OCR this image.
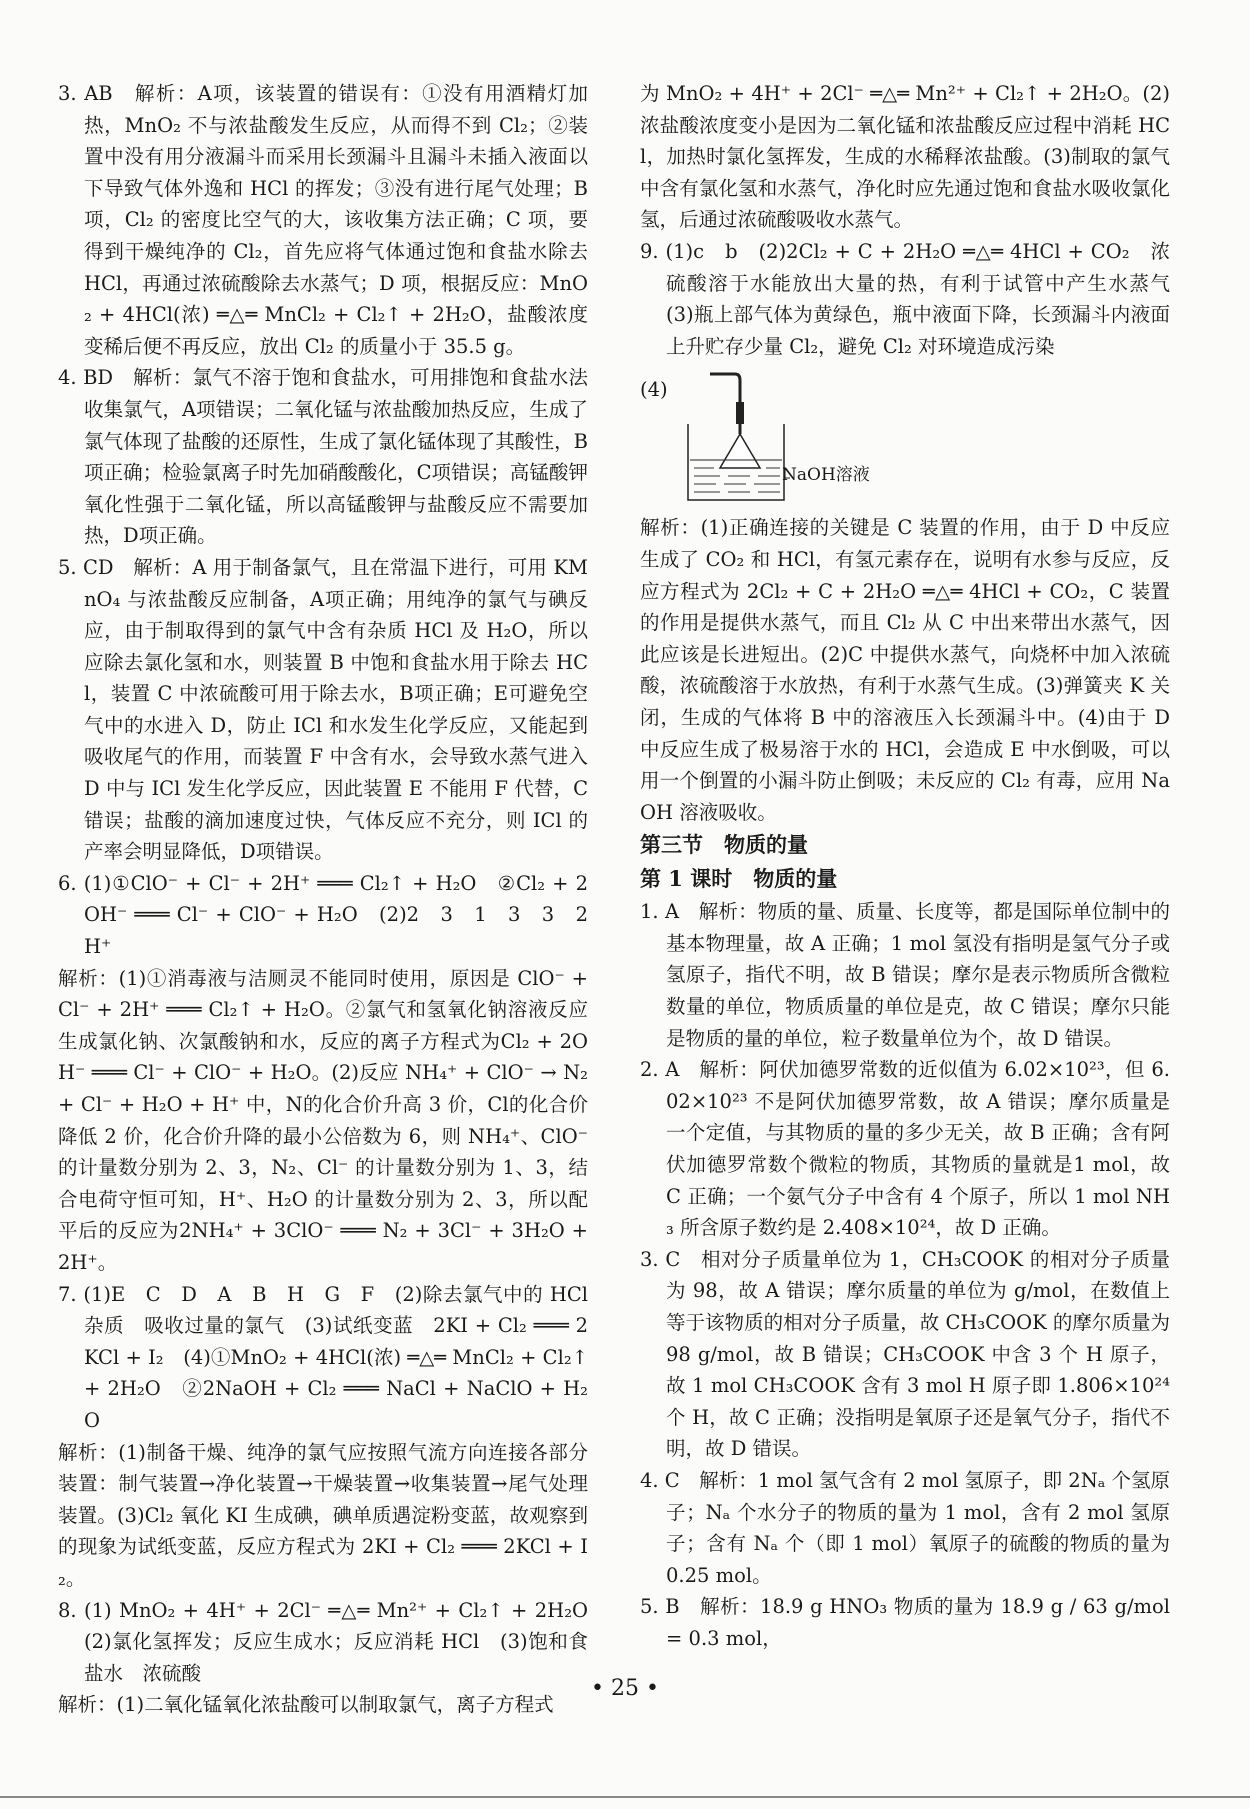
3. AB　解析：A项，该装置的错误有：①没有用酒精灯加热，MnO₂ 不与浓盐酸发生反应，从而得不到 Cl₂；②装置中没有用分液漏斗而采用长颈漏斗且漏斗未插入液面以下导致气体外逸和 HCl 的挥发；③没有进行尾气处理；B 项，Cl₂ 的密度比空气的大，该收集方法正确；C 项，要得到干燥纯净的 Cl₂，首先应将气体通过饱和食盐水除去 HCl，再通过浓硫酸除去水蒸气；D 项，根据反应：MnO₂ + 4HCl(浓) ═△═ MnCl₂ + Cl₂↑ + 2H₂O，盐酸浓度变稀后便不再反应，放出 Cl₂ 的质量小于 35.5 g。

4. BD　解析：氯气不溶于饱和食盐水，可用排饱和食盐水法收集氯气，A项错误；二氧化锰与浓盐酸加热反应，生成了氯气体现了盐酸的还原性，生成了氯化锰体现了其酸性，B项正确；检验氯离子时先加硝酸酸化，C项错误；高锰酸钾氧化性强于二氧化锰，所以高锰酸钾与盐酸反应不需要加热，D项正确。

5. CD　解析：A 用于制备氯气，且在常温下进行，可用 KMnO₄ 与浓盐酸反应制备，A项正确；用纯净的氯气与碘反应，由于制取得到的氯气中含有杂质 HCl 及 H₂O，所以应除去氯化氢和水，则装置 B 中饱和食盐水用于除去 HCl，装置 C 中浓硫酸可用于除去水，B项正确；E可避免空气中的水进入 D，防止 ICl 和水发生化学反应，又能起到吸收尾气的作用，而装置 F 中含有水，会导致水蒸气进入 D 中与 ICl 发生化学反应，因此装置 E 不能用 F 代替，C 错误；盐酸的滴加速度过快，气体反应不充分，则 ICl 的产率会明显降低，D项错误。

6. (1)①ClO⁻ + Cl⁻ + 2H⁺ ═══ Cl₂↑ + H₂O　②Cl₂ + 2OH⁻ ═══ Cl⁻ + ClO⁻ + H₂O　(2)2　3　1　3　3　2H⁺

解析：(1)①消毒液与洁厕灵不能同时使用，原因是 ClO⁻ + Cl⁻ + 2H⁺ ═══ Cl₂↑ + H₂O。②氯气和氢氧化钠溶液反应生成氯化钠、次氯酸钠和水，反应的离子方程式为Cl₂ + 2OH⁻ ═══ Cl⁻ + ClO⁻ + H₂O。(2)反应 NH₄⁺ + ClO⁻ → N₂ + Cl⁻ + H₂O + H⁺ 中，N的化合价升高 3 价，Cl的化合价降低 2 价，化合价升降的最小公倍数为 6，则 NH₄⁺、ClO⁻ 的计量数分别为 2、3，N₂、Cl⁻ 的计量数分别为 1、3，结合电荷守恒可知，H⁺、H₂O 的计量数分别为 2、3，所以配平后的反应为2NH₄⁺ + 3ClO⁻ ═══ N₂ + 3Cl⁻ + 3H₂O + 2H⁺。

7. (1)E　C　D　A　B　H　G　F　(2)除去氯气中的 HCl 杂质　吸收过量的氯气　(3)试纸变蓝　2KI + Cl₂ ═══ 2KCl + I₂　(4)①MnO₂ + 4HCl(浓) ═△═ MnCl₂ + Cl₂↑ + 2H₂O　②2NaOH + Cl₂ ═══ NaCl + NaClO + H₂O

解析：(1)制备干燥、纯净的氯气应按照气流方向连接各部分装置：制气装置→净化装置→干燥装置→收集装置→尾气处理装置。(3)Cl₂ 氧化 KI 生成碘，碘单质遇淀粉变蓝，故观察到的现象为试纸变蓝，反应方程式为 2KI + Cl₂ ═══ 2KCl + I₂。

8. (1) MnO₂ + 4H⁺ + 2Cl⁻ ═△═ Mn²⁺ + Cl₂↑ + 2H₂O　(2)氯化氢挥发；反应生成水；反应消耗 HCl　(3)饱和食盐水　浓硫酸

解析：(1)二氧化锰氧化浓盐酸可以制取氯气，离子方程式

为 MnO₂ + 4H⁺ + 2Cl⁻ ═△═ Mn²⁺ + Cl₂↑ + 2H₂O。(2)浓盐酸浓度变小是因为二氧化锰和浓盐酸反应过程中消耗 HCl，加热时氯化氢挥发，生成的水稀释浓盐酸。(3)制取的氯气中含有氯化氢和水蒸气，净化时应先通过饱和食盐水吸收氯化氢，后通过浓硫酸吸收水蒸气。

9. (1)c　b　(2)2Cl₂ + C + 2H₂O ═△═ 4HCl + CO₂　浓硫酸溶于水能放出大量的热，有利于试管中产生水蒸气　(3)瓶上部气体为黄绿色，瓶中液面下降，长颈漏斗内液面上升贮存少量 Cl₂，避免 Cl₂ 对环境造成污染

(4)
NaOH溶液

解析：(1)正确连接的关键是 C 装置的作用，由于 D 中反应生成了 CO₂ 和 HCl，有氢元素存在，说明有水参与反应，反应方程式为 2Cl₂ + C + 2H₂O ═△═ 4HCl + CO₂，C 装置的作用是提供水蒸气，而且 Cl₂ 从 C 中出来带出水蒸气，因此应该是长进短出。(2)C 中提供水蒸气，向烧杯中加入浓硫酸，浓硫酸溶于水放热，有利于水蒸气生成。(3)弹簧夹 K 关闭，生成的气体将 B 中的溶液压入长颈漏斗中。(4)由于 D 中反应生成了极易溶于水的 HCl，会造成 E 中水倒吸，可以用一个倒置的小漏斗防止倒吸；未反应的 Cl₂ 有毒，应用 NaOH 溶液吸收。

第三节　物质的量

第 1 课时　物质的量

1. A　解析：物质的量、质量、长度等，都是国际单位制中的基本物理量，故 A 正确；1 mol 氢没有指明是氢气分子或氢原子，指代不明，故 B 错误；摩尔是表示物质所含微粒数量的单位，物质质量的单位是克，故 C 错误；摩尔只能是物质的量的单位，粒子数量单位为个，故 D 错误。

2. A　解析：阿伏加德罗常数的近似值为 6.02×10²³，但 6.02×10²³ 不是阿伏加德罗常数，故 A 错误；摩尔质量是一个定值，与其物质的量的多少无关，故 B 正确；含有阿伏加德罗常数个微粒的物质，其物质的量就是1 mol，故 C 正确；一个氨气分子中含有 4 个原子，所以 1 mol NH₃ 所含原子数约是 2.408×10²⁴，故 D 正确。

3. C　相对分子质量单位为 1，CH₃COOK 的相对分子质量为 98，故 A 错误；摩尔质量的单位为 g/mol，在数值上等于该物质的相对分子质量，故 CH₃COOK 的摩尔质量为 98 g/mol，故 B 错误；CH₃COOK 中含 3 个 H 原子，故 1 mol CH₃COOK 含有 3 mol H 原子即 1.806×10²⁴ 个 H，故 C 正确；没指明是氧原子还是氧气分子，指代不明，故 D 错误。

4. C　解析：1 mol 氢气含有 2 mol 氢原子，即 2Nₐ 个氢原子；Nₐ 个水分子的物质的量为 1 mol，含有 2 mol 氢原子；含有 Nₐ 个（即 1 mol）氧原子的硫酸的物质的量为 0.25 mol。

5. B　解析：18.9 g HNO₃ 物质的量为 18.9 g / 63 g/mol = 0.3 mol，

• 25 •
